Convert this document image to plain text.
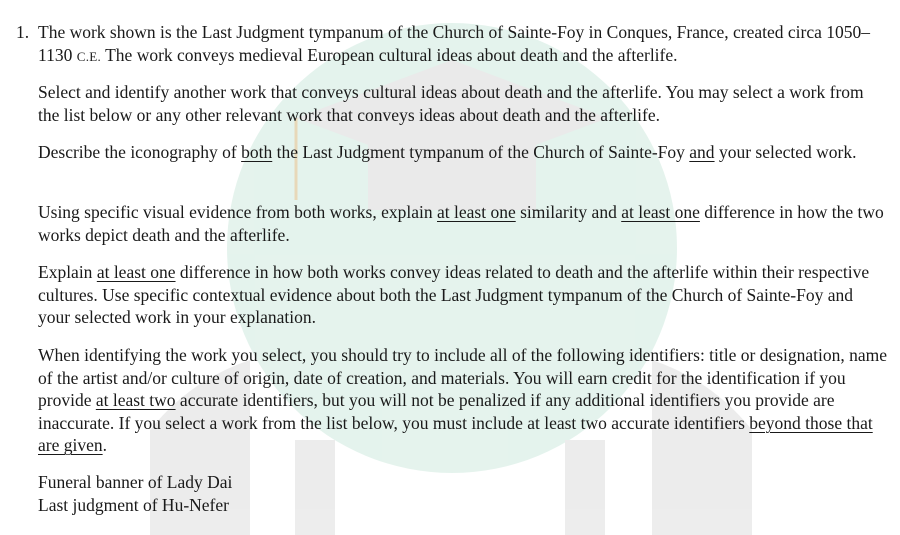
1. The work shown is the Last Judgment tympanum of the Church of Sainte-Foy in Conques, France, created circa 1050–1130 C.E. The work conveys medieval European cultural ideas about death and the afterlife.

Select and identify another work that conveys cultural ideas about death and the afterlife. You may select a work from the list below or any other relevant work that conveys ideas about death and the afterlife.

Describe the iconography of both the Last Judgment tympanum of the Church of Sainte-Foy and your selected work.

Using specific visual evidence from both works, explain at least one similarity and at least one difference in how the two works depict death and the afterlife.

Explain at least one difference in how both works convey ideas related to death and the afterlife within their respective cultures. Use specific contextual evidence about both the Last Judgment tympanum of the Church of Sainte-Foy and your selected work in your explanation.

When identifying the work you select, you should try to include all of the following identifiers: title or designation, name of the artist and/or culture of origin, date of creation, and materials. You will earn credit for the identification if you provide at least two accurate identifiers, but you will not be penalized if any additional identifiers you provide are inaccurate. If you select a work from the list below, you must include at least two accurate identifiers beyond those that are given.

Funeral banner of Lady Dai
Last judgment of Hu-Nefer
